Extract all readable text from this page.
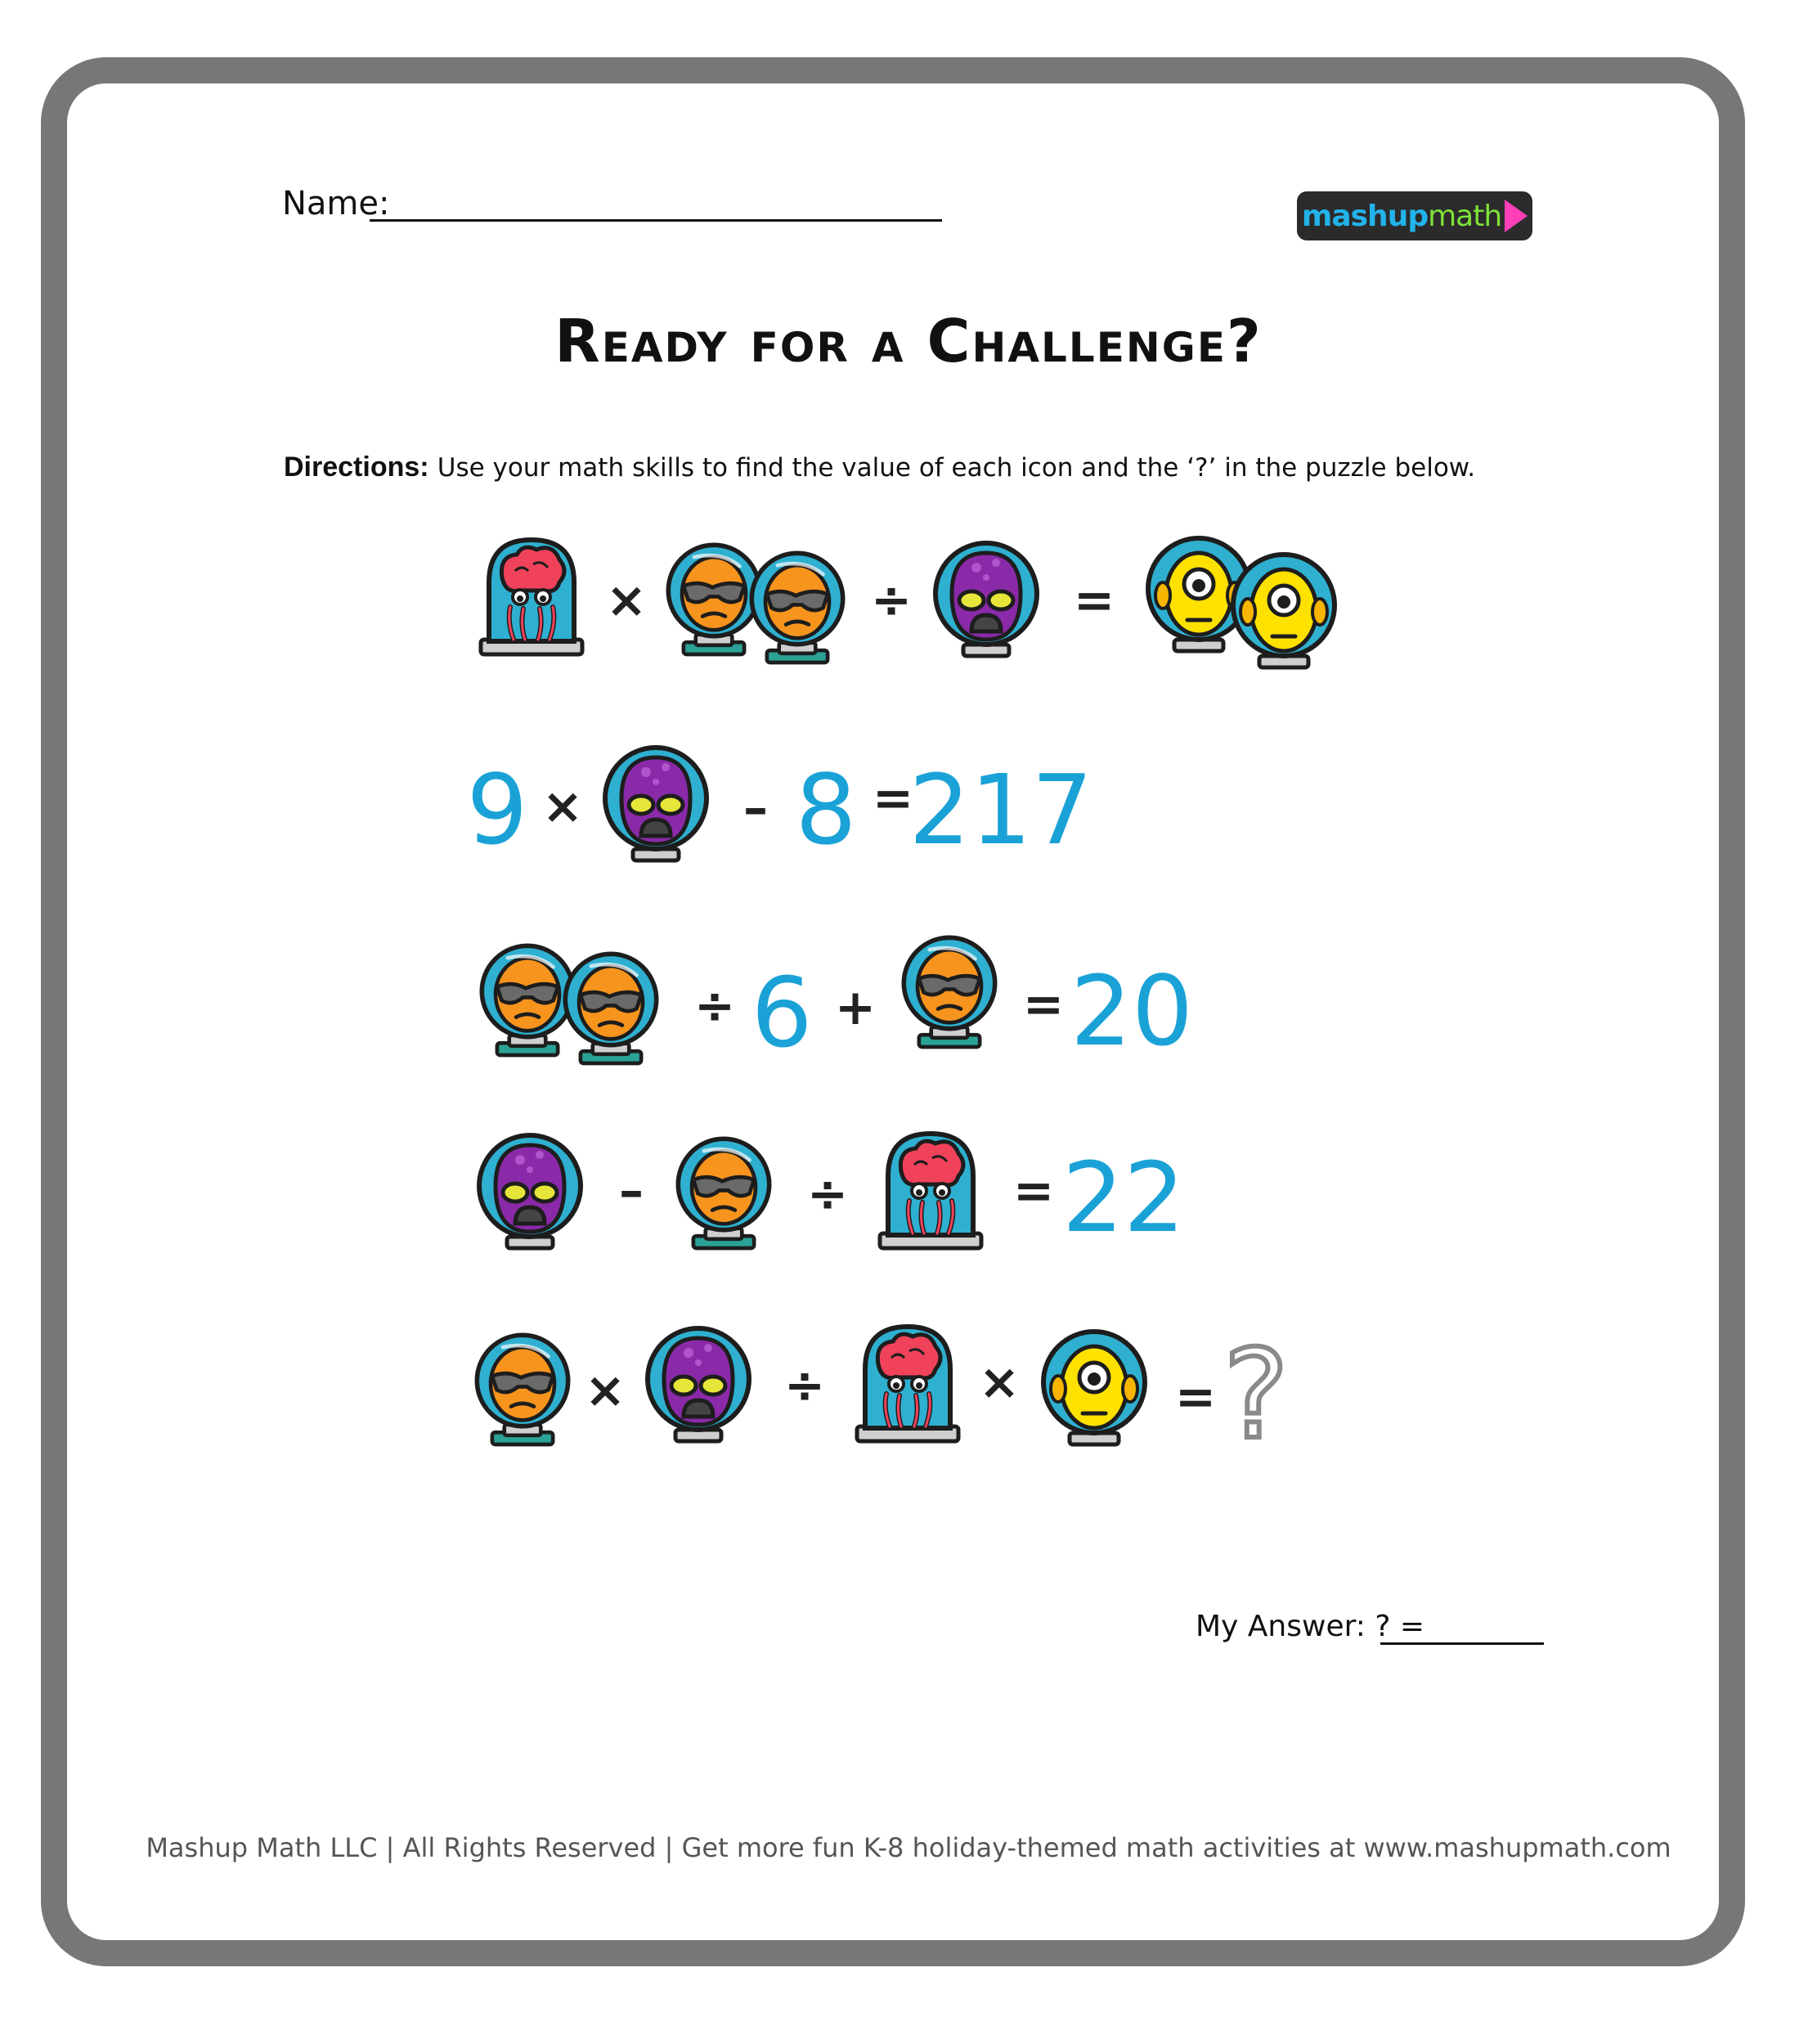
Name:	mashup math
Ready for a Challenge?
Directions: Use your math skills to find the value of each icon and the ‘?’ in the puzzle below.
×	÷	=
9 ×	– 8 =
217
÷ 6 +	= 20
–	÷	= 22
×	÷	×	= ?
My Answer: ? =
Mashup Math LLC | All Rights Reserved | Get more fun K-8 holiday-themed math activities at www.mashupmath.com
